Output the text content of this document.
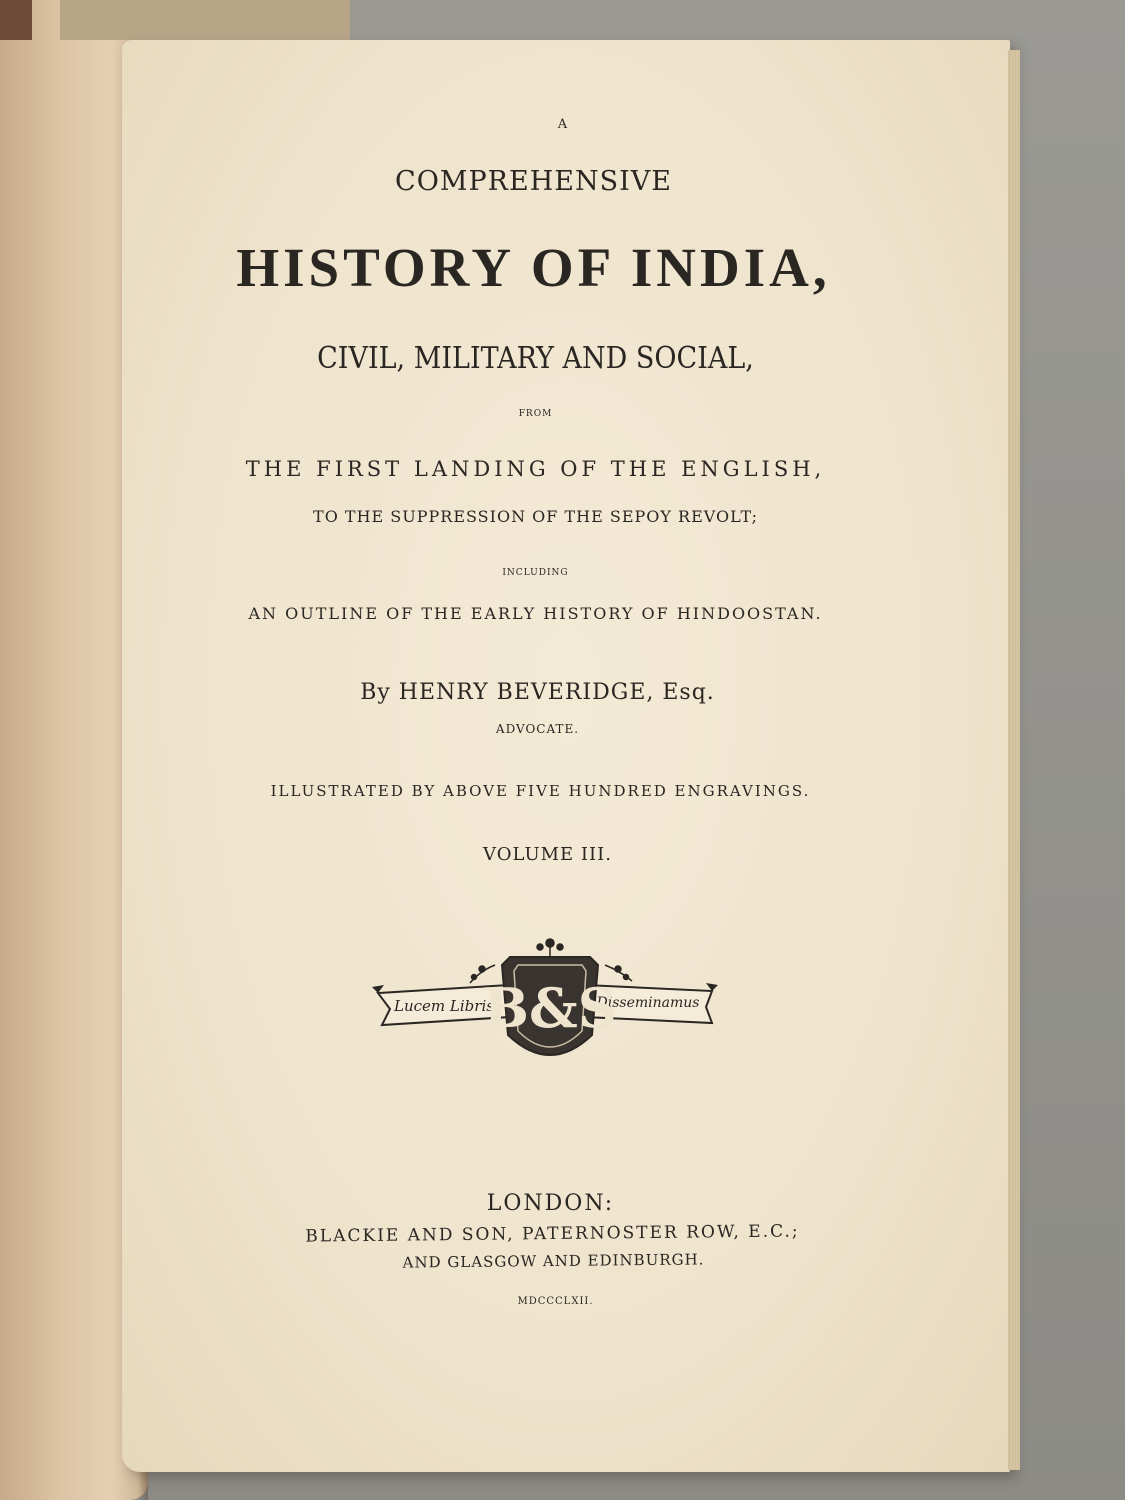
A

COMPREHENSIVE

HISTORY OF INDIA,

CIVIL, MILITARY AND SOCIAL,

FROM

THE FIRST LANDING OF THE ENGLISH,

TO THE SUPPRESSION OF THE SEPOY REVOLT;

INCLUDING

AN OUTLINE OF THE EARLY HISTORY OF HINDOOSTAN.

By HENRY BEVERIDGE, Esq.

ADVOCATE.

ILLUSTRATED BY ABOVE FIVE HUNDRED ENGRAVINGS.

VOLUME III.

Lucem Libris	Disseminamus
B&S

LONDON:

BLACKIE AND SON, PATERNOSTER ROW, E.C.;

AND GLASGOW AND EDINBURGH.

MDCCCLXII.
